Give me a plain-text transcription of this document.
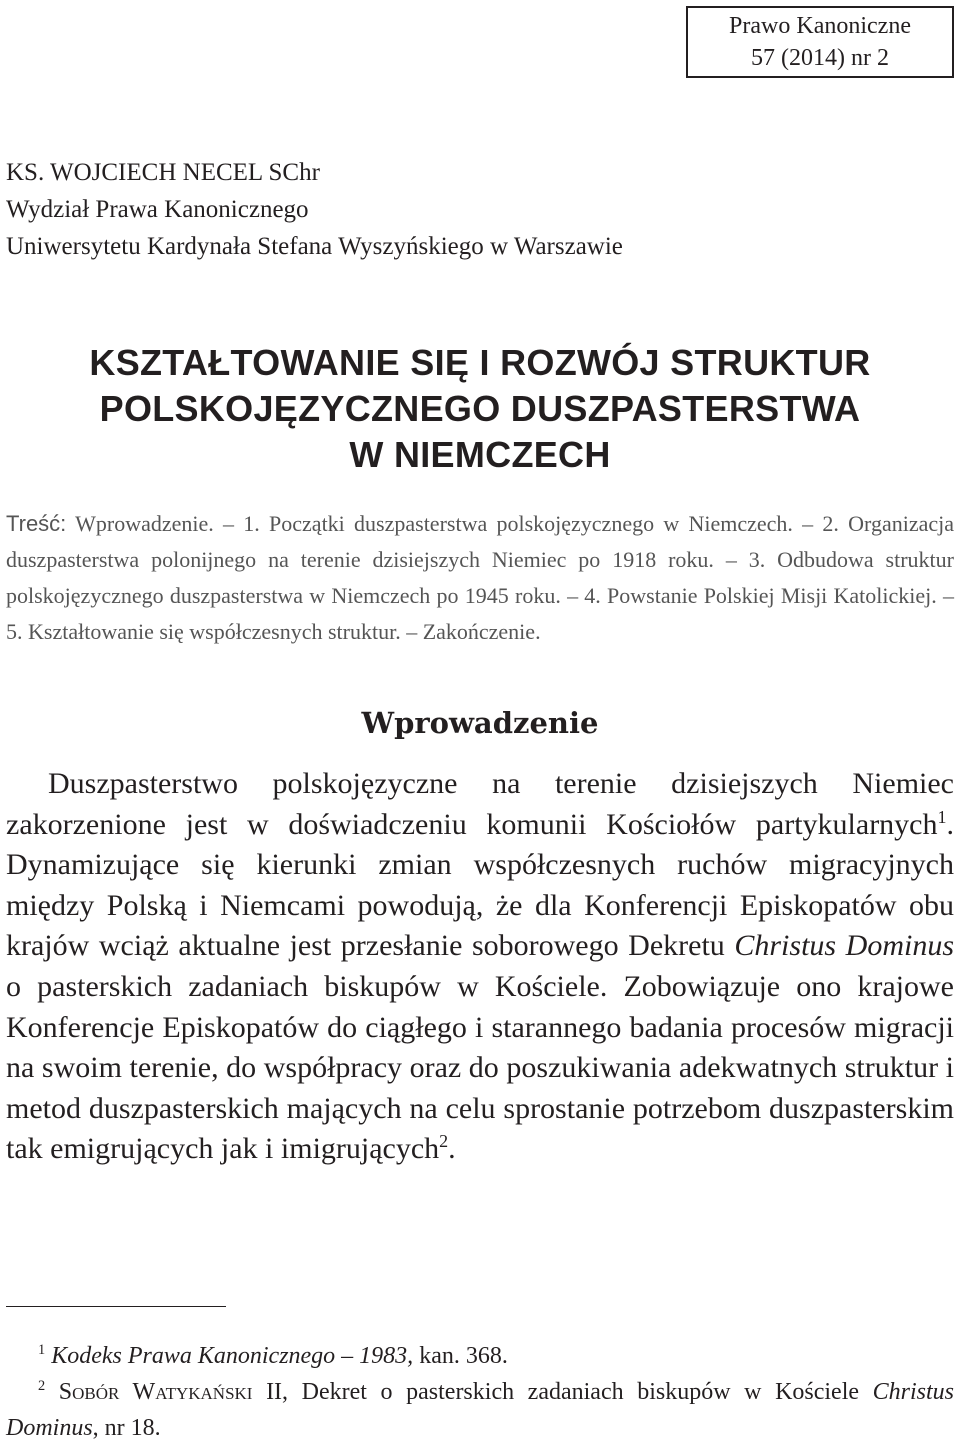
Prawo Kanoniczne
57 (2014) nr 2
KS. WOJCIECH NECEL SChr
Wydział Prawa Kanonicznego
Uniwersytetu Kardynała Stefana Wyszyńskiego w Warszawie
KSZTAŁTOWANIE SIĘ I ROZWÓJ STRUKTUR
POLSKOJĘZYCZNEGO DUSZPASTERSTWA
W NIEMCZECH
Treść: Wprowadzenie. – 1. Początki duszpasterstwa polskojęzycznego w Niemczech. – 2. Organizacja duszpasterstwa polonijnego na terenie dzisiejszych Niemiec po 1918 roku. – 3. Odbudowa struktur polskojęzycznego duszpasterstwa w Niemczech po 1945 roku. – 4. Powstanie Polskiej Misji Katolickiej. – 5. Kształtowanie się współczesnych struktur. – Zakończenie.
Wprowadzenie
Duszpasterstwo polskojęzyczne na terenie dzisiejszych Niemiec zakorzenione jest w doświadczeniu komunii Kościołów partykularnych$^1$. Dynamizujące się kierunki zmian współczesnych ruchów migracyjnych między Polską i Niemcami powodują, że dla Konferencji Episkopatów obu krajów wciąż aktualne jest przesłanie soborowego Dekretu Christus Dominus o pasterskich zadaniach biskupów w Kościele. Zobowiązuje ono krajowe Konferencje Episkopatów do ciągłego i starannego badania procesów migracji na swoim terenie, do współpracy oraz do poszukiwania adekwatnych struktur i metod duszpasterskich mających na celu sprostanie potrzebom duszpasterskim tak emigrujących jak i imigrujących$^2$.
$^1$ Kodeks Prawa Kanonicznego – 1983, kan. 368.
$^2$ Sobór Watykański II, Dekret o pasterskich zadaniach biskupów w Kościele Christus Dominus, nr 18.
